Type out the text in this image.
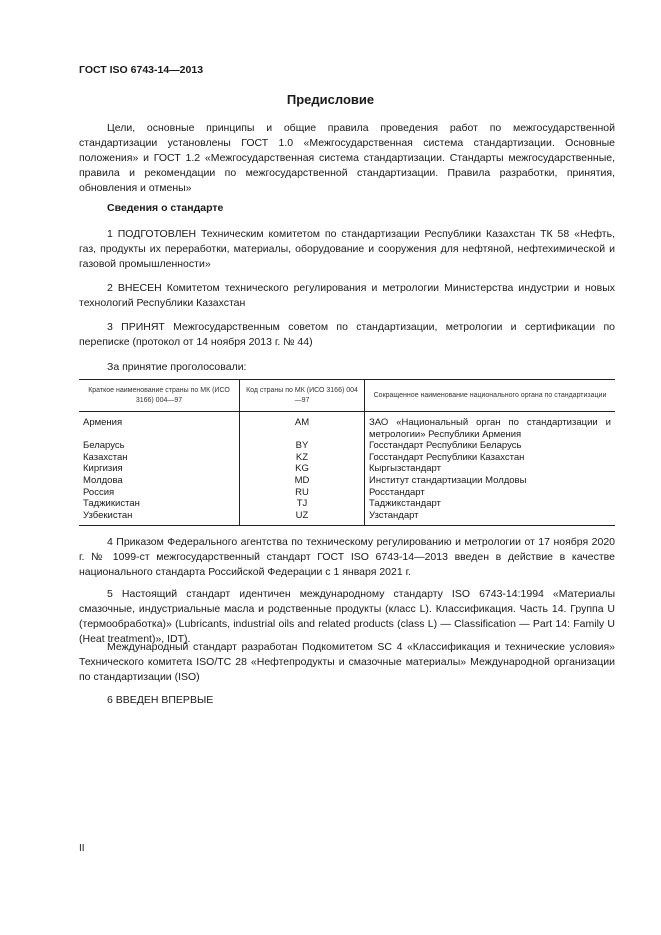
ГОСТ ISO 6743-14—2013
Предисловие
Цели, основные принципы и общие правила проведения работ по межгосударственной стандартизации установлены ГОСТ 1.0 «Межгосударственная система стандартизации. Основные положения» и ГОСТ 1.2 «Межгосударственная система стандартизации. Стандарты межгосударственные, правила и рекомендации по межгосударственной стандартизации. Правила разработки, принятия, обновления и отмены»
Сведения о стандарте
1 ПОДГОТОВЛЕН Техническим комитетом по стандартизации Республики Казахстан ТК 58 «Нефть, газ, продукты их переработки, материалы, оборудование и сооружения для нефтяной, нефтехимической и газовой промышленности»
2 ВНЕСЕН Комитетом технического регулирования и метрологии Министерства индустрии и новых технологий Республики Казахстан
3 ПРИНЯТ Межгосударственным советом по стандартизации, метрологии и сертификации по переписке (протокол от 14 ноября 2013 г. № 44)
За принятие проголосовали:
Краткое наименование страны по МК (ИСО 3166) 004—97	Код страны по МК (ИСО 3166) 004—97	Сокращенное наименование национального органа по стандартизации
Армения	AM	ЗАО «Национальный орган по стандартизации и метрологии» Республики Армения
Беларусь	BY	Госстандарт Республики Беларусь
Казахстан	KZ	Госстандарт Республики Казахстан
Киргизия	KG	Кыргызстандарт
Молдова	MD	Институт стандартизации Молдовы
Россия	RU	Росстандарт
Таджикистан	TJ	Таджикстандарт
Узбекистан	UZ	Узстандарт
4 Приказом Федерального агентства по техническому регулированию и метрологии от 17 ноября 2020 г. № 1099-ст межгосударственный стандарт ГОСТ ISO 6743-14—2013 введен в действие в качестве национального стандарта Российской Федерации с 1 января 2021 г.
5 Настоящий стандарт идентичен международному стандарту ISO 6743-14:1994 «Материалы смазочные, индустриальные масла и родственные продукты (класс L). Классификация. Часть 14. Группа U (термообработка)» (Lubricants, industrial oils and related products (class L) — Classification — Part 14: Family U (Heat treatment)», IDT).
Международный стандарт разработан Подкомитетом SC 4 «Классификация и технические условия» Технического комитета ISO/TC 28 «Нефтепродукты и смазочные материалы» Международной организации по стандартизации (ISO)
6 ВВЕДЕН ВПЕРВЫЕ
II
